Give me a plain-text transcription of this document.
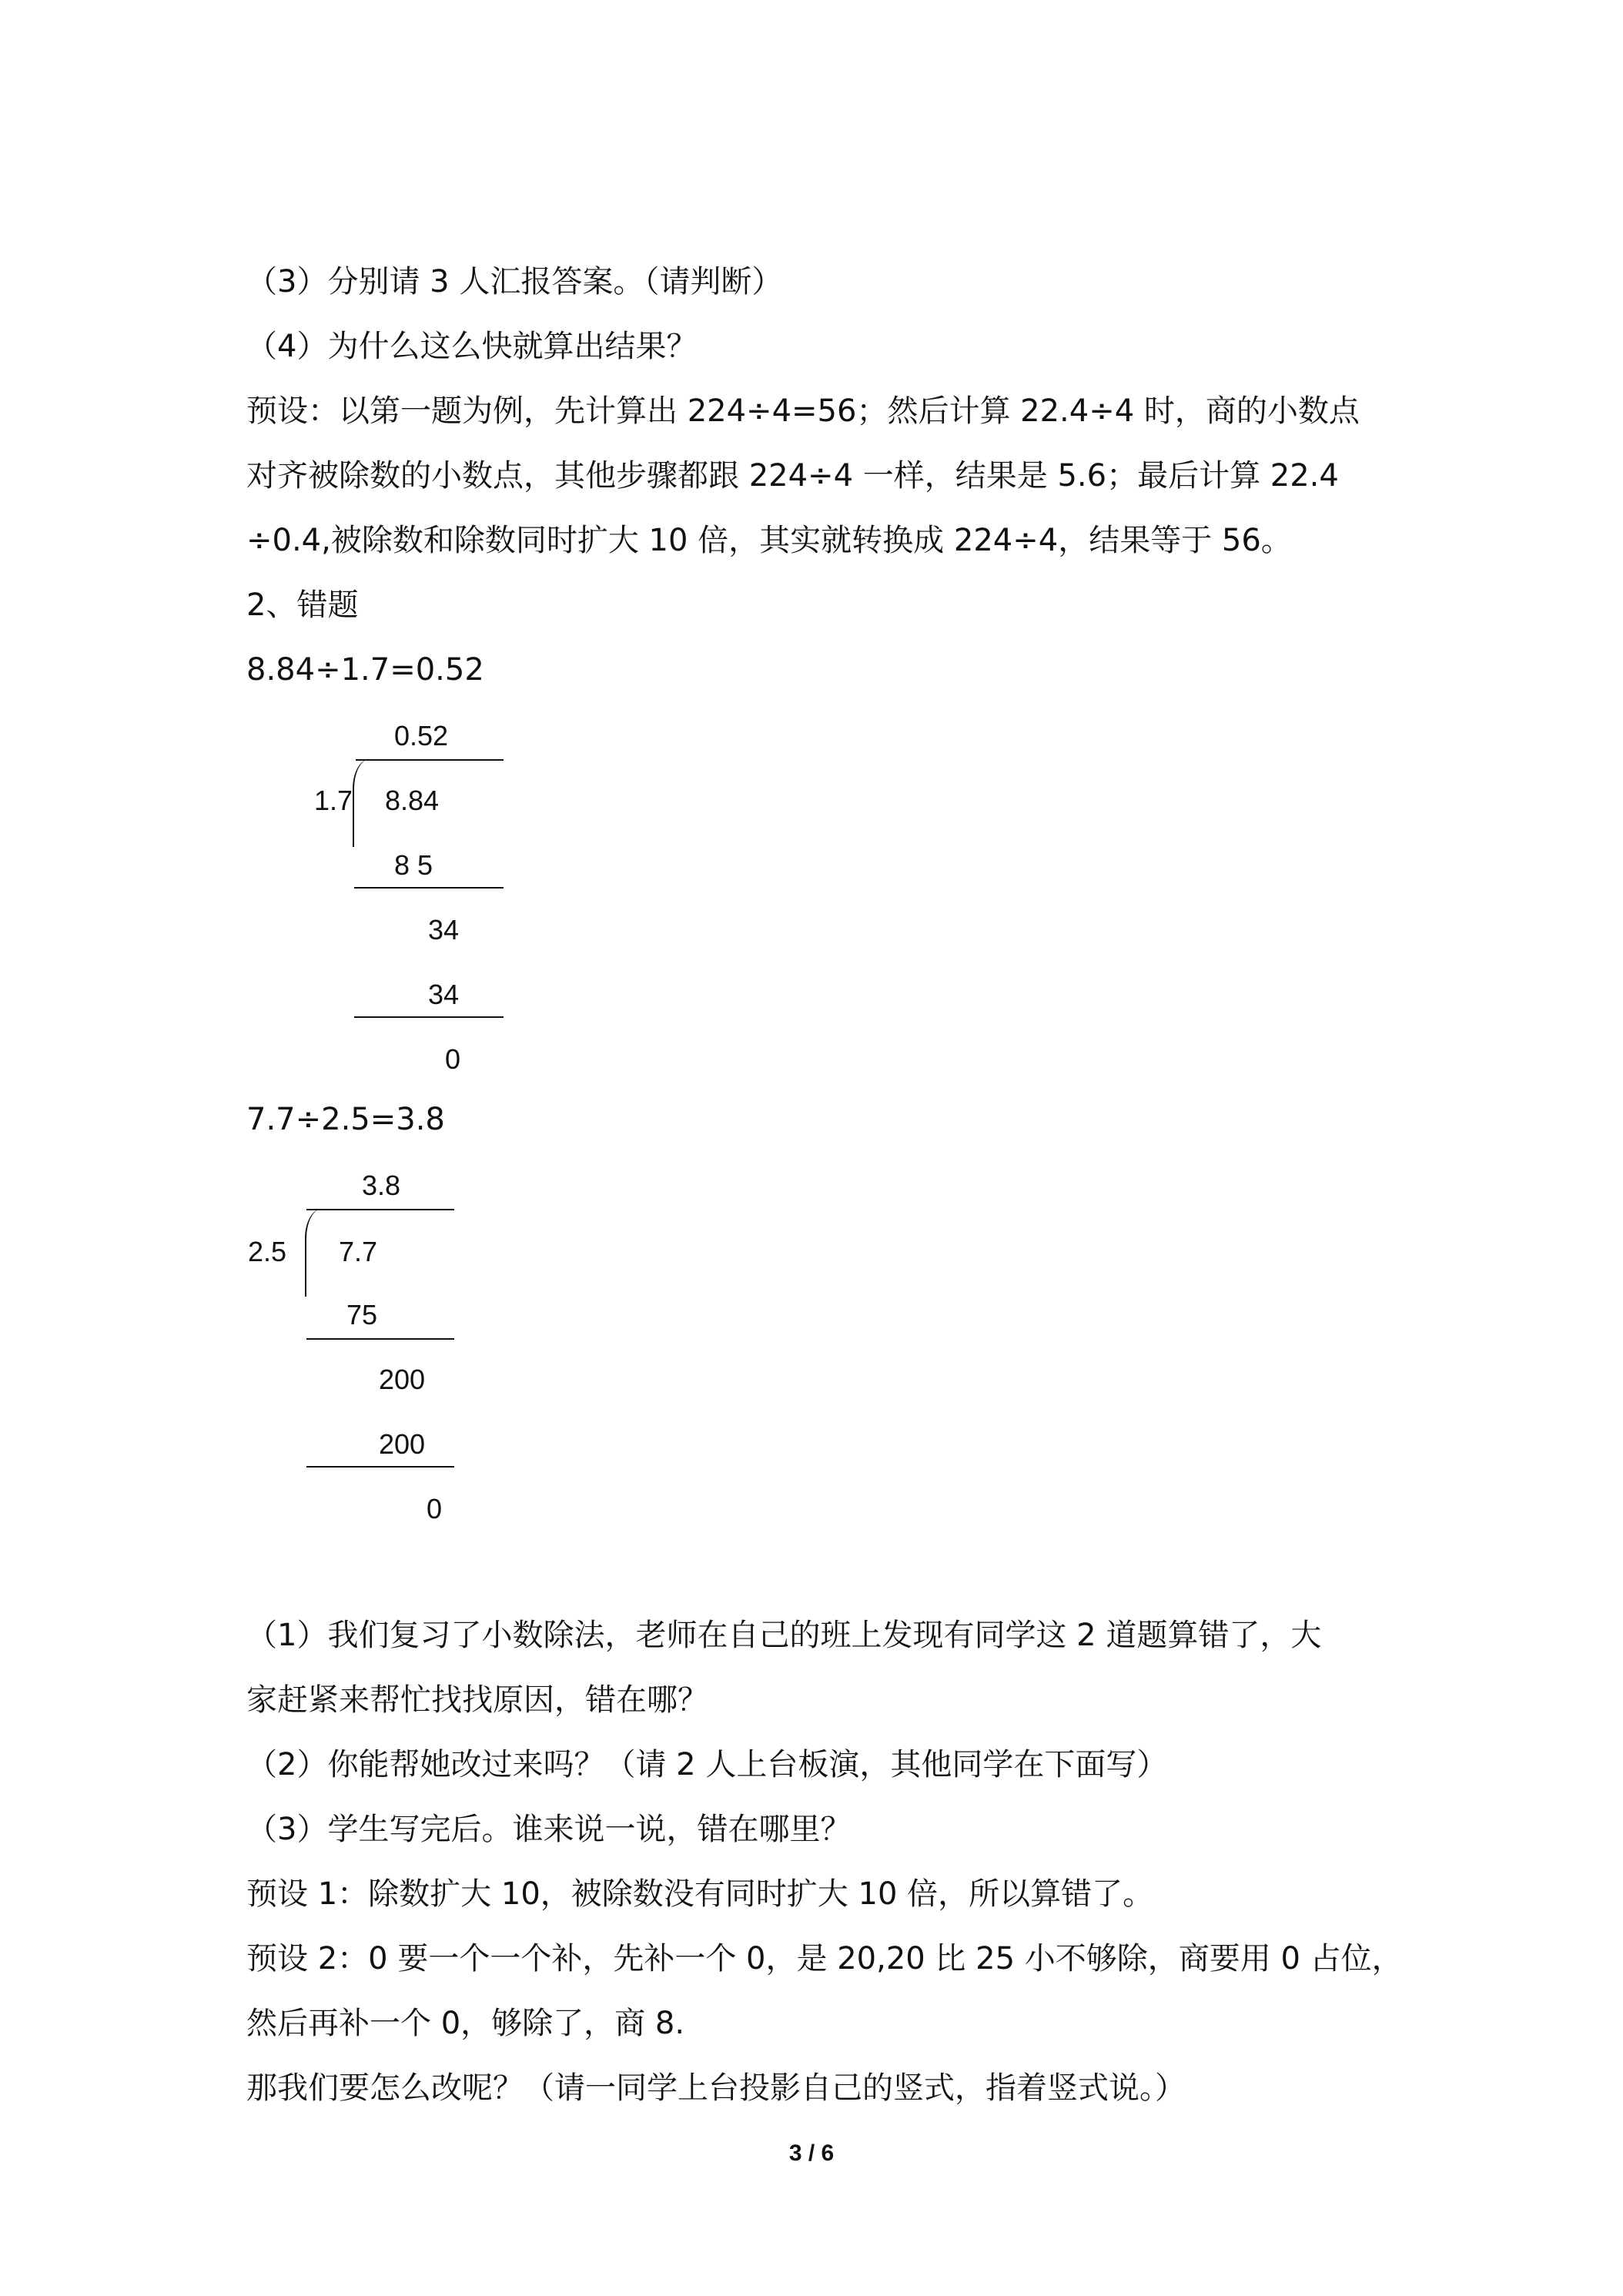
（3）分别请 3 人汇报答案。（请判断）
（4）为什么这么快就算出结果？
预设：以第一题为例，先计算出 224÷4=56；然后计算 22.4÷4 时，商的小数点
对齐被除数的小数点，其他步骤都跟 224÷4 一样，结果是 5.6；最后计算 22.4
÷0.4,被除数和除数同时扩大 10 倍，其实就转换成 224÷4，结果等于 56。
2、错题
8.84÷1.7=0.52
0.52
1.7 8.84
8 5
34
34
0
7.7÷2.5=3.8
3.8
2.5 7.7
75
200
200
0
（1）我们复习了小数除法，老师在自己的班上发现有同学这 2 道题算错了，大
家赶紧来帮忙找找原因，错在哪？
（2）你能帮她改过来吗？（请 2 人上台板演，其他同学在下面写）
（3）学生写完后。谁来说一说，错在哪里？
预设 1：除数扩大 10，被除数没有同时扩大 10 倍，所以算错了。
预设 2：0 要一个一个补，先补一个 0，是 20,20 比 25 小不够除，商要用 0 占位，
然后再补一个 0，够除了，商 8.
那我们要怎么改呢？（请一同学上台投影自己的竖式，指着竖式说。）
3 / 6
